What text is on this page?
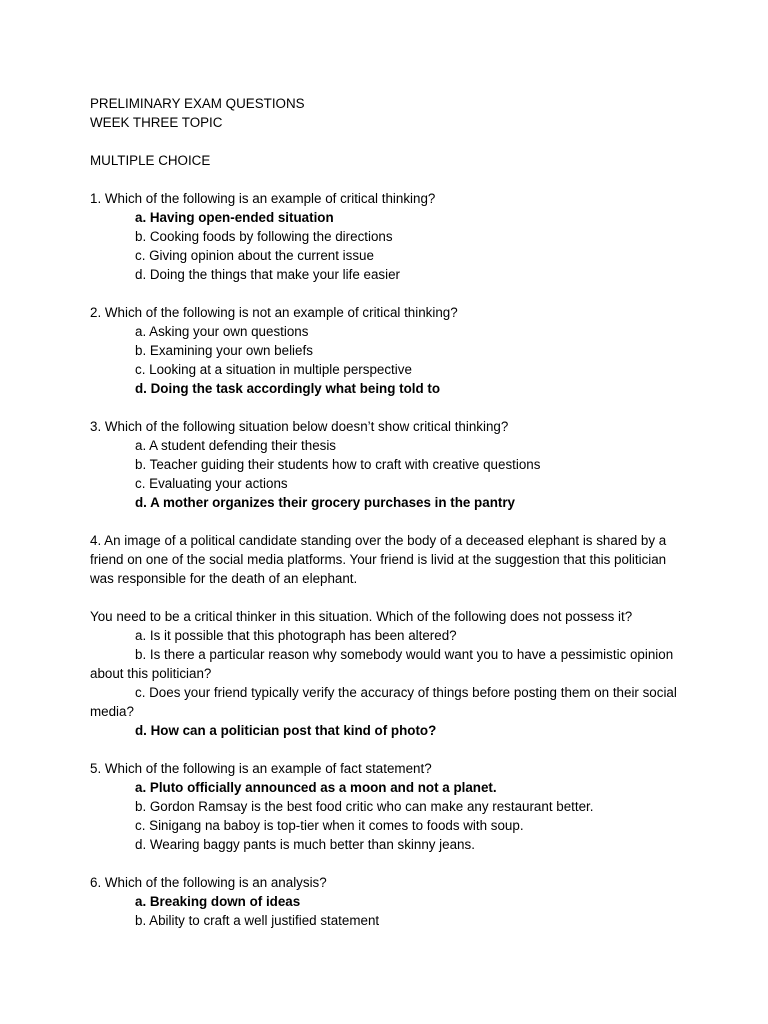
PRELIMINARY EXAM QUESTIONS
WEEK THREE TOPIC
MULTIPLE CHOICE
1. Which of the following is an example of critical thinking?
a. Having open-ended situation
b. Cooking foods by following the directions
c. Giving opinion about the current issue
d. Doing the things that make your life easier
2. Which of the following is not an example of critical thinking?
a. Asking your own questions
b. Examining your own beliefs
c. Looking at a situation in multiple perspective
d. Doing the task accordingly what being told to
3. Which of the following situation below doesn’t show critical thinking?
a. A student defending their thesis
b. Teacher guiding their students how to craft with creative questions
c. Evaluating your actions
d. A mother organizes their grocery purchases in the pantry
4. An image of a political candidate standing over the body of a deceased elephant is shared by a friend on one of the social media platforms. Your friend is livid at the suggestion that this politician was responsible for the death of an elephant.
You need to be a critical thinker in this situation. Which of the following does not possess it?
a. Is it possible that this photograph has been altered?
b. Is there a particular reason why somebody would want you to have a pessimistic opinion about this politician?
c. Does your friend typically verify the accuracy of things before posting them on their social media?
d. How can a politician post that kind of photo?
5. Which of the following is an example of fact statement?
a. Pluto officially announced as a moon and not a planet.
b. Gordon Ramsay is the best food critic who can make any restaurant better.
c. Sinigang na baboy is top-tier when it comes to foods with soup.
d. Wearing baggy pants is much better than skinny jeans.
6. Which of the following is an analysis?
a. Breaking down of ideas
b. Ability to craft a well justified statement
